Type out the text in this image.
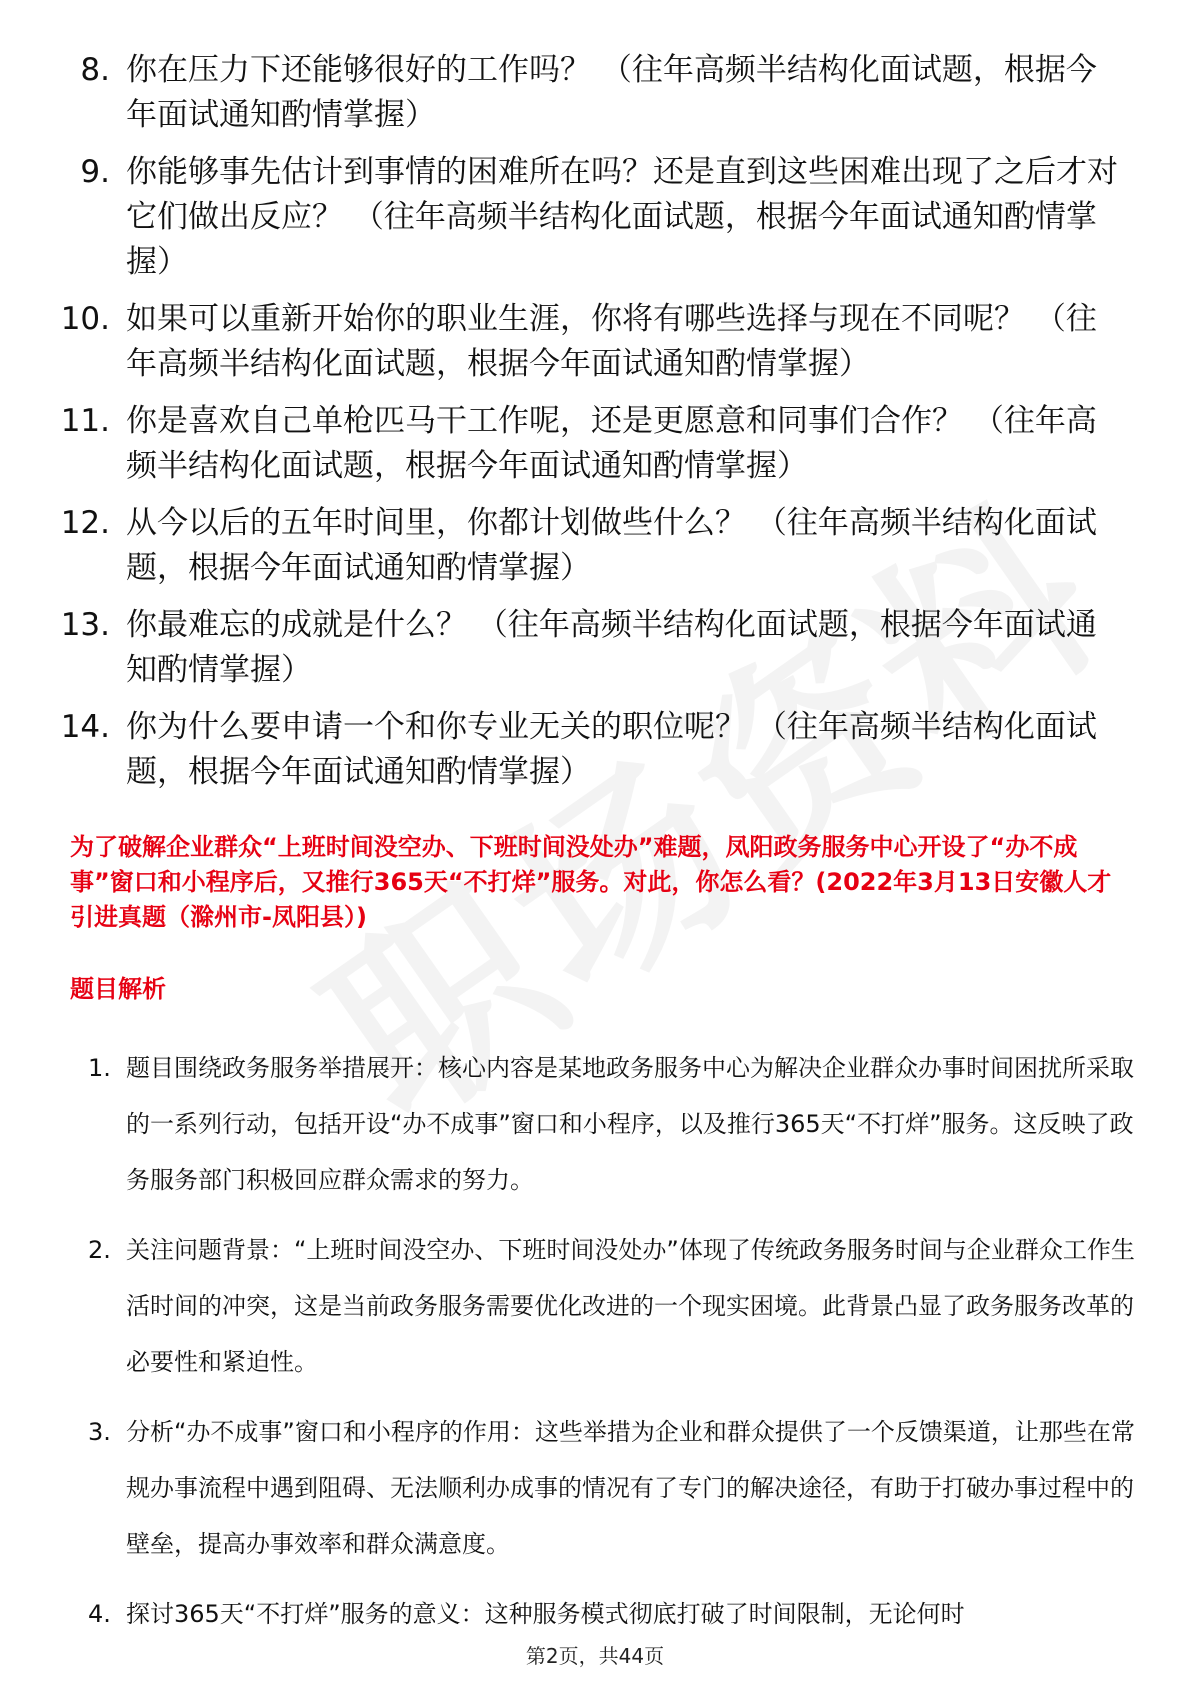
8. 你在压力下还能够很好的工作吗？ （往年高频半结构化面试题，根据今年面试通知酌情掌握）
9. 你能够事先估计到事情的困难所在吗？还是直到这些困难出现了之后才对它们做出反应？ （往年高频半结构化面试题，根据今年面试通知酌情掌握）
10. 如果可以重新开始你的职业生涯，你将有哪些选择与现在不同呢？ （往年高频半结构化面试题，根据今年面试通知酌情掌握）
11. 你是喜欢自己单枪匹马干工作呢，还是更愿意和同事们合作？ （往年高频半结构化面试题，根据今年面试通知酌情掌握）
12. 从今以后的五年时间里，你都计划做些什么？ （往年高频半结构化面试题，根据今年面试通知酌情掌握）
13. 你最难忘的成就是什么？ （往年高频半结构化面试题，根据今年面试通知酌情掌握）
14. 你为什么要申请一个和你专业无关的职位呢？ （往年高频半结构化面试题，根据今年面试通知酌情掌握）

为了破解企业群众“上班时间没空办、下班时间没处办”难题，凤阳政务服务中心开设了“办不成事”窗口和小程序后，又推行365天“不打烊”服务。对此，你怎么看？(2022年3月13日安徽人才引进真题（滁州市-凤阳县）)

题目解析

1. 题目围绕政务服务举措展开：核心内容是某地政务服务中心为解决企业群众办事时间困扰所采取的一系列行动，包括开设“办不成事”窗口和小程序，以及推行365天“不打烊”服务。这反映了政务服务部门积极回应群众需求的努力。
2. 关注问题背景：“上班时间没空办、下班时间没处办”体现了传统政务服务时间与企业群众工作生活时间的冲突，这是当前政务服务需要优化改进的一个现实困境。此背景凸显了政务服务改革的必要性和紧迫性。
3. 分析“办不成事”窗口和小程序的作用：这些举措为企业和群众提供了一个反馈渠道，让那些在常规办事流程中遇到阻碍、无法顺利办成事的情况有了专门的解决途径，有助于打破办事过程中的壁垒，提高办事效率和群众满意度。
4. 探讨365天“不打烊”服务的意义：这种服务模式彻底打破了时间限制，无论何时
第2页，共44页
